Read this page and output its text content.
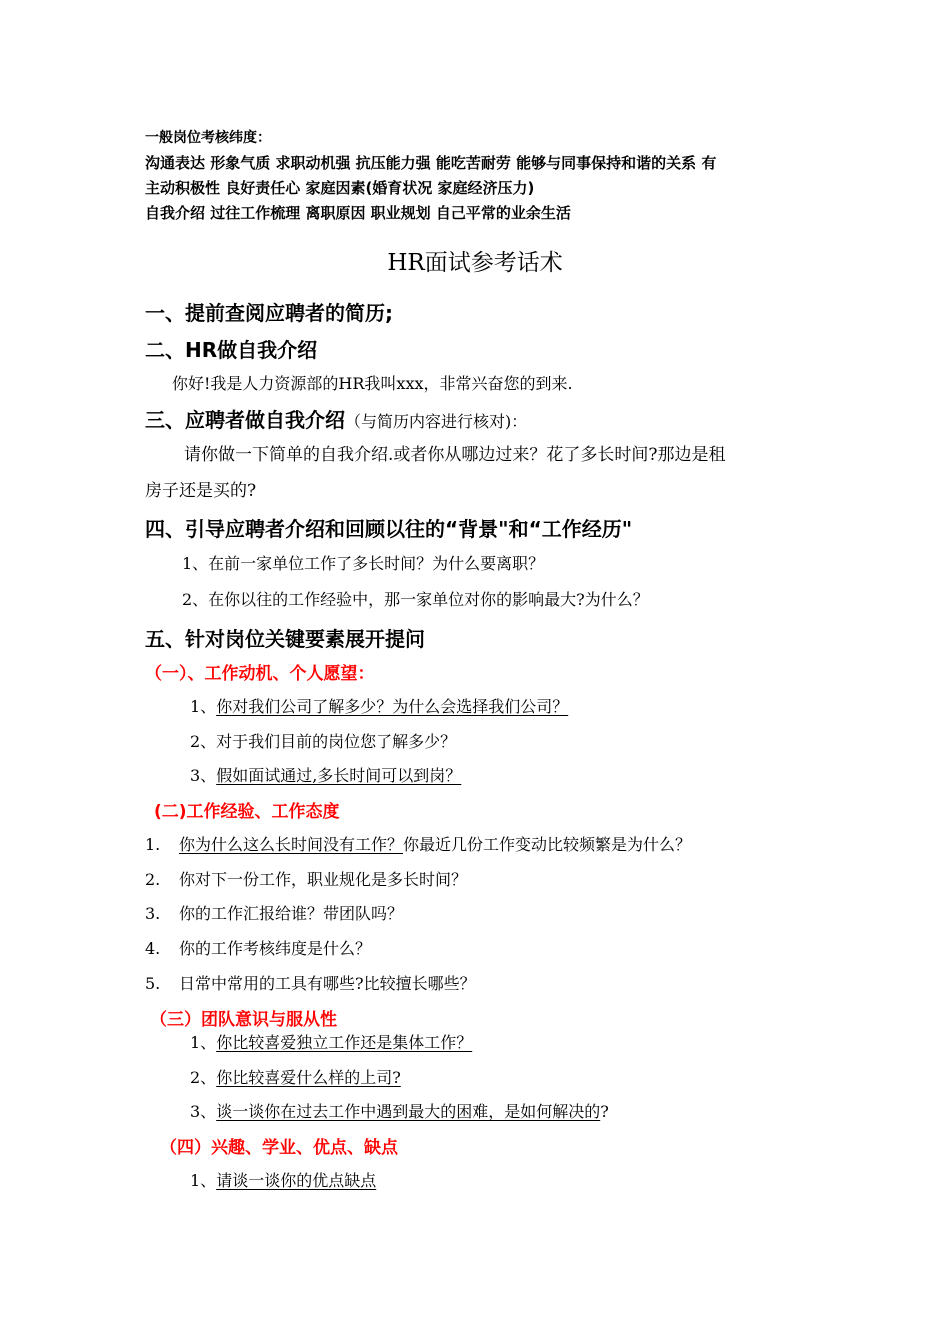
一般岗位考核纬度：
沟通表达 形象气质 求职动机强 抗压能力强 能吃苦耐劳 能够与同事保持和谐的关系 有
主动积极性 良好责任心 家庭因素(婚育状况 家庭经济压力)
自我介绍 过往工作梳理 离职原因 职业规划 自己平常的业余生活
HR面试参考话术
一、提前查阅应聘者的简历;
二、HR做自我介绍
你好!我是人力资源部的HR我叫xxx，非常兴奋您的到来.
三、应聘者做自我介绍（与简历内容进行核对)：
请你做一下简单的自我介绍.或者你从哪边过来？花了多长时间?那边是租
房子还是买的?
四、引导应聘者介绍和回顾以往的“背景"和“工作经历"
1、在前一家单位工作了多长时间？为什么要离职？
2、在你以往的工作经验中，那一家单位对你的影响最大?为什么？
五、针对岗位关键要素展开提问
（一）、工作动机、个人愿望：
1、你对我们公司了解多少？为什么会选择我们公司？
2、对于我们目前的岗位您了解多少？
3、假如面试通过,多长时间可以到岗？
(二)工作经验、工作态度
1. 你为什么这么长时间没有工作？你最近几份工作变动比较频繁是为什么？
2. 你对下一份工作，职业规化是多长时间？
3. 你的工作汇报给谁？带团队吗？
4. 你的工作考核纬度是什么？
5. 日常中常用的工具有哪些?比较擅长哪些？
（三）团队意识与服从性
1、你比较喜爱独立工作还是集体工作？
2、你比较喜爱什么样的上司?
3、谈一谈你在过去工作中遇到最大的困难，是如何解决的?
（四）兴趣、学业、优点、缺点
1、请谈一谈你的优点缺点
